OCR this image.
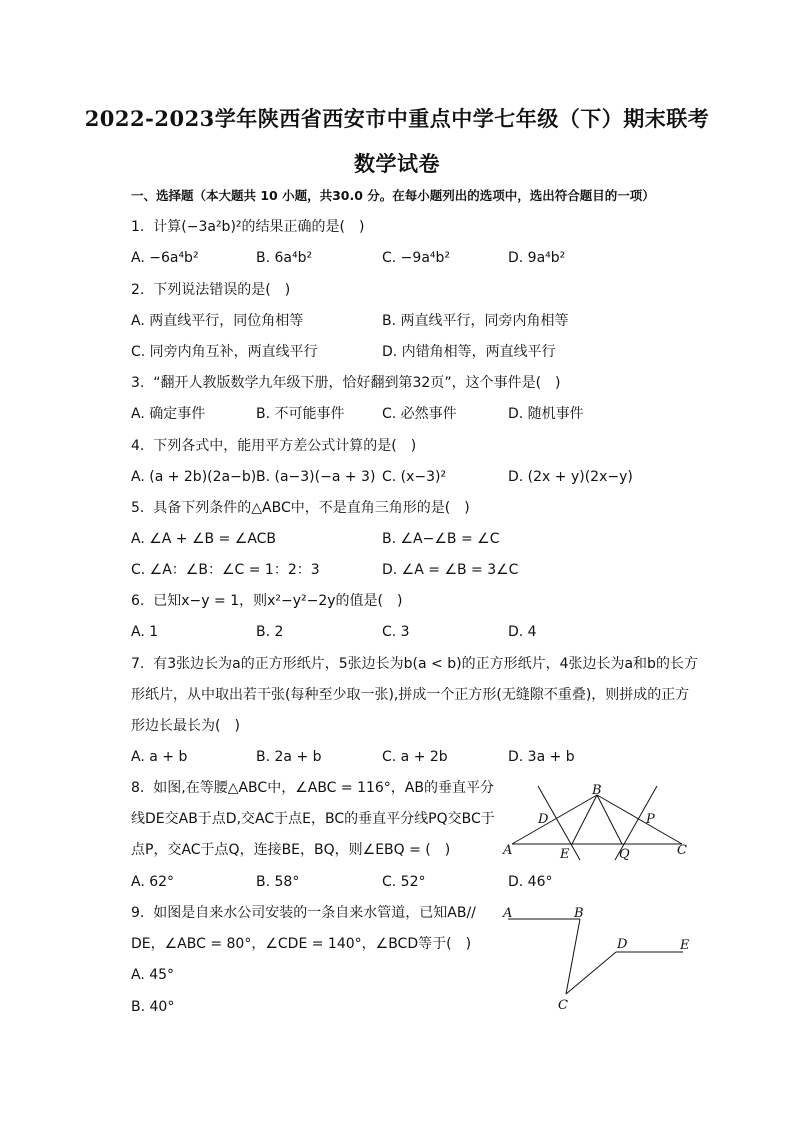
2022-2023学年陕西省西安市中重点中学七年级（下）期末联考
数学试卷
一、选择题（本大题共 10 小题，共30.0 分。在每小题列出的选项中，选出符合题目的一项）
1. 计算(−3a²b)²的结果正确的是(　)
A. −6a⁴b²	B. 6a⁴b²	C. −9a⁴b²	D. 9a⁴b²
2. 下列说法错误的是(　)
A. 两直线平行，同位角相等	B. 两直线平行，同旁内角相等
C. 同旁内角互补，两直线平行	D. 内错角相等，两直线平行
3. “翻开人教版数学九年级下册，恰好翻到第32页”，这个事件是(　)
A. 确定事件	B. 不可能事件	C. 必然事件	D. 随机事件
4. 下列各式中，能用平方差公式计算的是(　)
A. (a + 2b)(2a−b) B. (a−3)(−a + 3) C. (x−3)²	D. (2x + y)(2x−y)
5. 具备下列条件的△ABC中，不是直角三角形的是(　)
A. ∠A + ∠B = ∠ACB	B. ∠A−∠B = ∠C
C. ∠A：∠B：∠C = 1：2：3	D. ∠A = ∠B = 3∠C
6. 已知x−y = 1，则x²−y²−2y的值是(　)
A. 1	B. 2	C. 3	D. 4
7. 有3张边长为a的正方形纸片，5张边长为b(a < b)的正方形纸片，4张边长为a和b的长方
形纸片，从中取出若干张(每种至少取一张),拼成一个正方形(无缝隙不重叠)，则拼成的正方
形边长最长为(　)
A. a + b	B. 2a + b	C. a + 2b	D. 3a + b
8. 如图,在等腰△ABC中，∠ABC = 116°，AB的垂直平分
线DE交AB于点D,交AC于点E，BC的垂直平分线PQ交BC于
点P，交AC于点Q，连接BE，BQ，则∠EBQ = (　)
A. 62°	B. 58°	C. 52°	D. 46°
B
D	P
A	E	Q	C
9. 如图是自来水公司安装的一条自来水管道，已知AB//
DE，∠ABC = 80°，∠CDE = 140°，∠BCD等于(　)
A. 45°
B. 40°
A	B
D	E
C
